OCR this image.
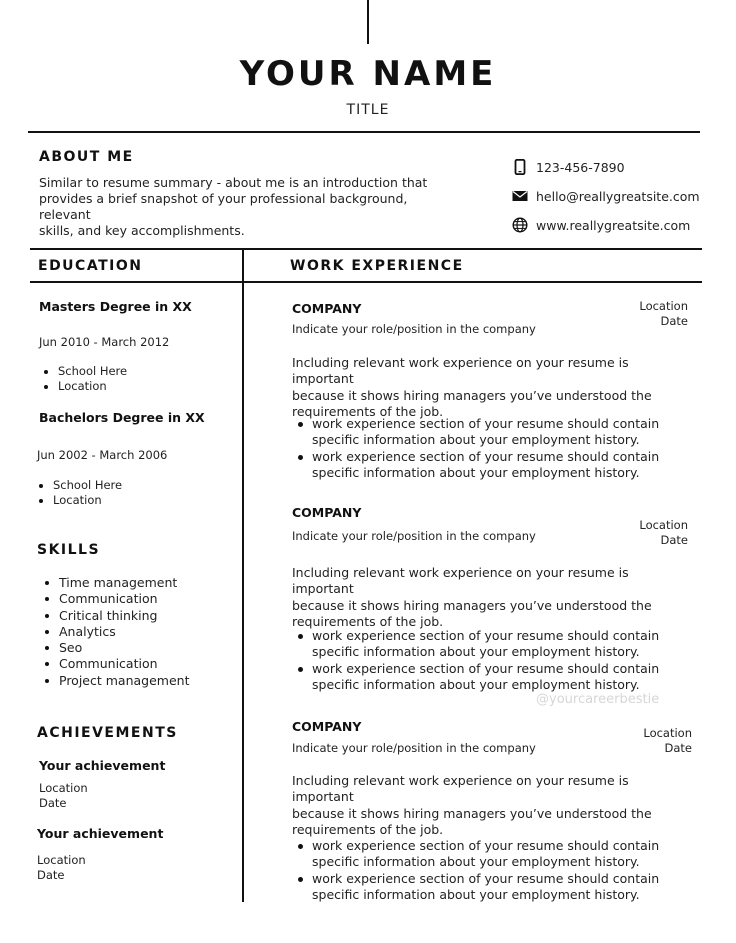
YOUR NAME
TITLE
ABOUT ME
Similar to resume summary - about me is an introduction that
provides a brief snapshot of your professional background, relevant
skills, and key accomplishments.
123-456-7890
hello@reallygreatsite.com
www.reallygreatsite.com
EDUCATION	WORK EXPERIENCE
Masters Degree in XX
Jun 2010 - March 2012
School Here
Location
Bachelors Degree in XX
Jun 2002 - March 2006
School Here
Location
SKILLS
Time management
Communication
Critical thinking
Analytics
Seo
Communication
Project management
ACHIEVEMENTS
Your achievement
Location
Date
Your achievement
Location
Date
COMPANY
Indicate your role/position in the company
Location
Date
Including relevant work experience on your resume is important
because it shows hiring managers you’ve understood the
requirements of the job.
work experience section of your resume should contain
specific information about your employment history.
work experience section of your resume should contain
specific information about your employment history.
COMPANY
Indicate your role/position in the company
Location
Date
Including relevant work experience on your resume is important
because it shows hiring managers you’ve understood the
requirements of the job.
work experience section of your resume should contain
specific information about your employment history.
work experience section of your resume should contain
specific information about your employment history.
@yourcareerbestie
COMPANY
Indicate your role/position in the company
Location
Date
Including relevant work experience on your resume is important
because it shows hiring managers you’ve understood the
requirements of the job.
work experience section of your resume should contain
specific information about your employment history.
work experience section of your resume should contain
specific information about your employment history.
